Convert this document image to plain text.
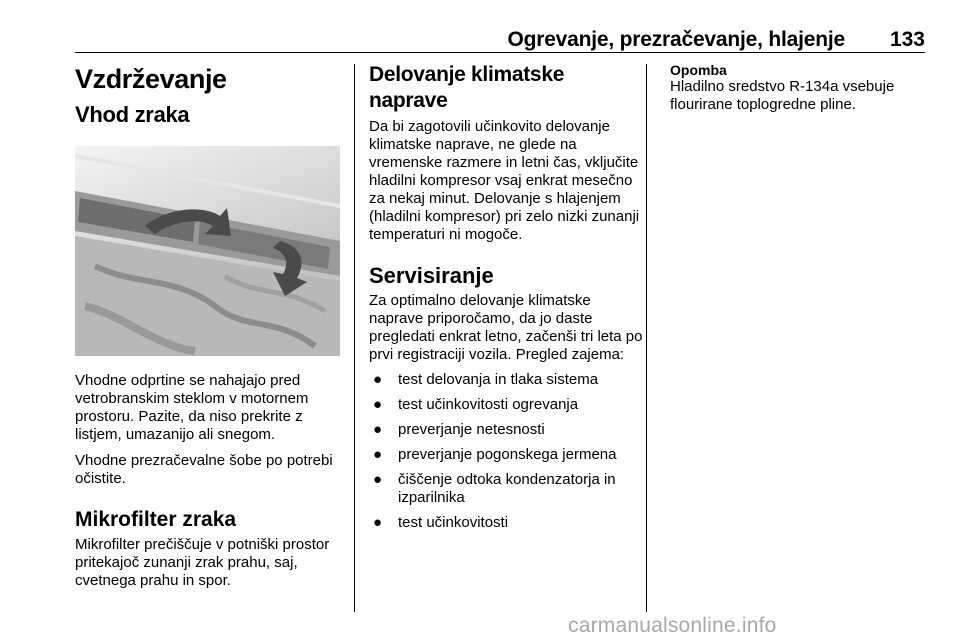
Ogrevanje, prezračevanje, hlajenje 133
Vzdrževanje
Vhod zraka

Vhodne odprtine se nahajajo pred vetrobranskim steklom v motornem prostoru. Pazite, da niso prekrite z listjem, umazanijo ali snegom.

Vhodne prezračevalne šobe po potrebi očistite.

Mikrofilter zraka

Mikrofilter prečiščuje v potniški prostor pritekajoč zunanji zrak prahu, saj, cvetnega prahu in spor.

Delovanje klimatske naprave

Da bi zagotovili učinkovito delovanje klimatske naprave, ne glede na vremenske razmere in letni čas, vključite hladilni kompresor vsaj enkrat mesečno za nekaj minut. Delovanje s hlajenjem (hladilni kompresor) pri zelo nizki zunanji temperaturi ni mogoče.

Servisiranje

Za optimalno delovanje klimatske naprave priporočamo, da jo daste pregledati enkrat letno, začenši tri leta po prvi registraciji vozila. Pregled zajema:

● test delovanja in tlaka sistema
● test učinkovitosti ogrevanja
● preverjanje netesnosti
● preverjanje pogonskega jermena
● čiščenje odtoka kondenzatorja in izparilnika
● test učinkovitosti
Opomba

Hladilno sredstvo R-134a vsebuje flourirane toplogredne pline.

carmanualsonline.info
